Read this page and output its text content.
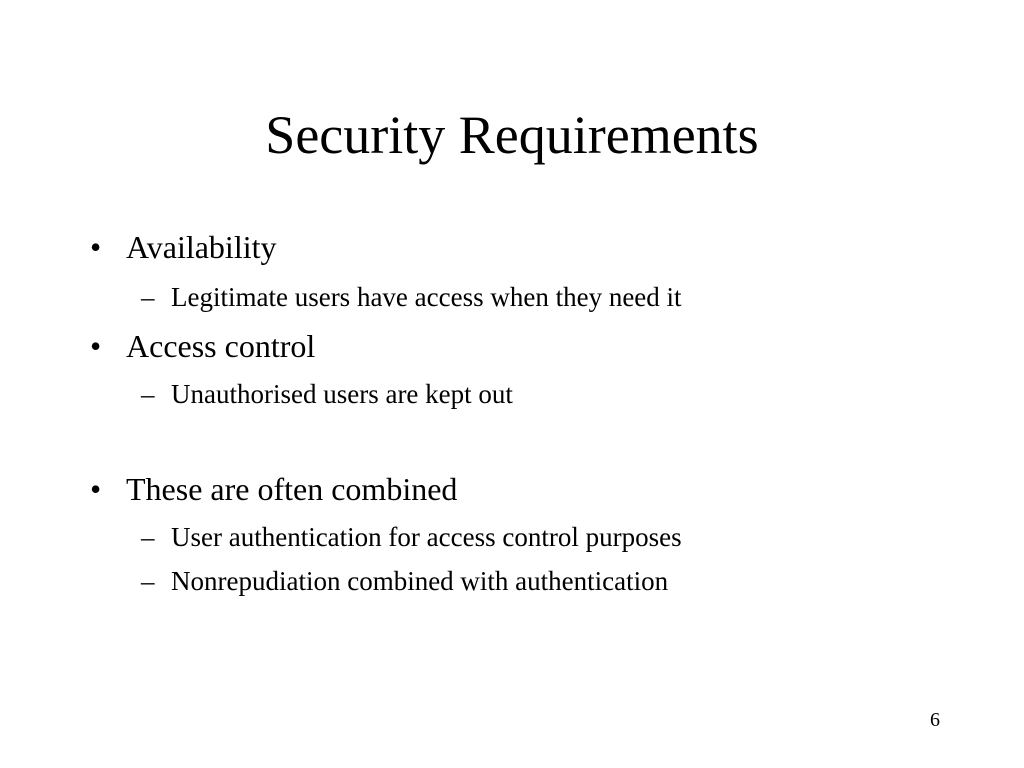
Security Requirements
• Availability
– Legitimate users have access when they need it
• Access control
– Unauthorised users are kept out
• These are often combined
– User authentication for access control purposes
– Nonrepudiation combined with authentication
6
